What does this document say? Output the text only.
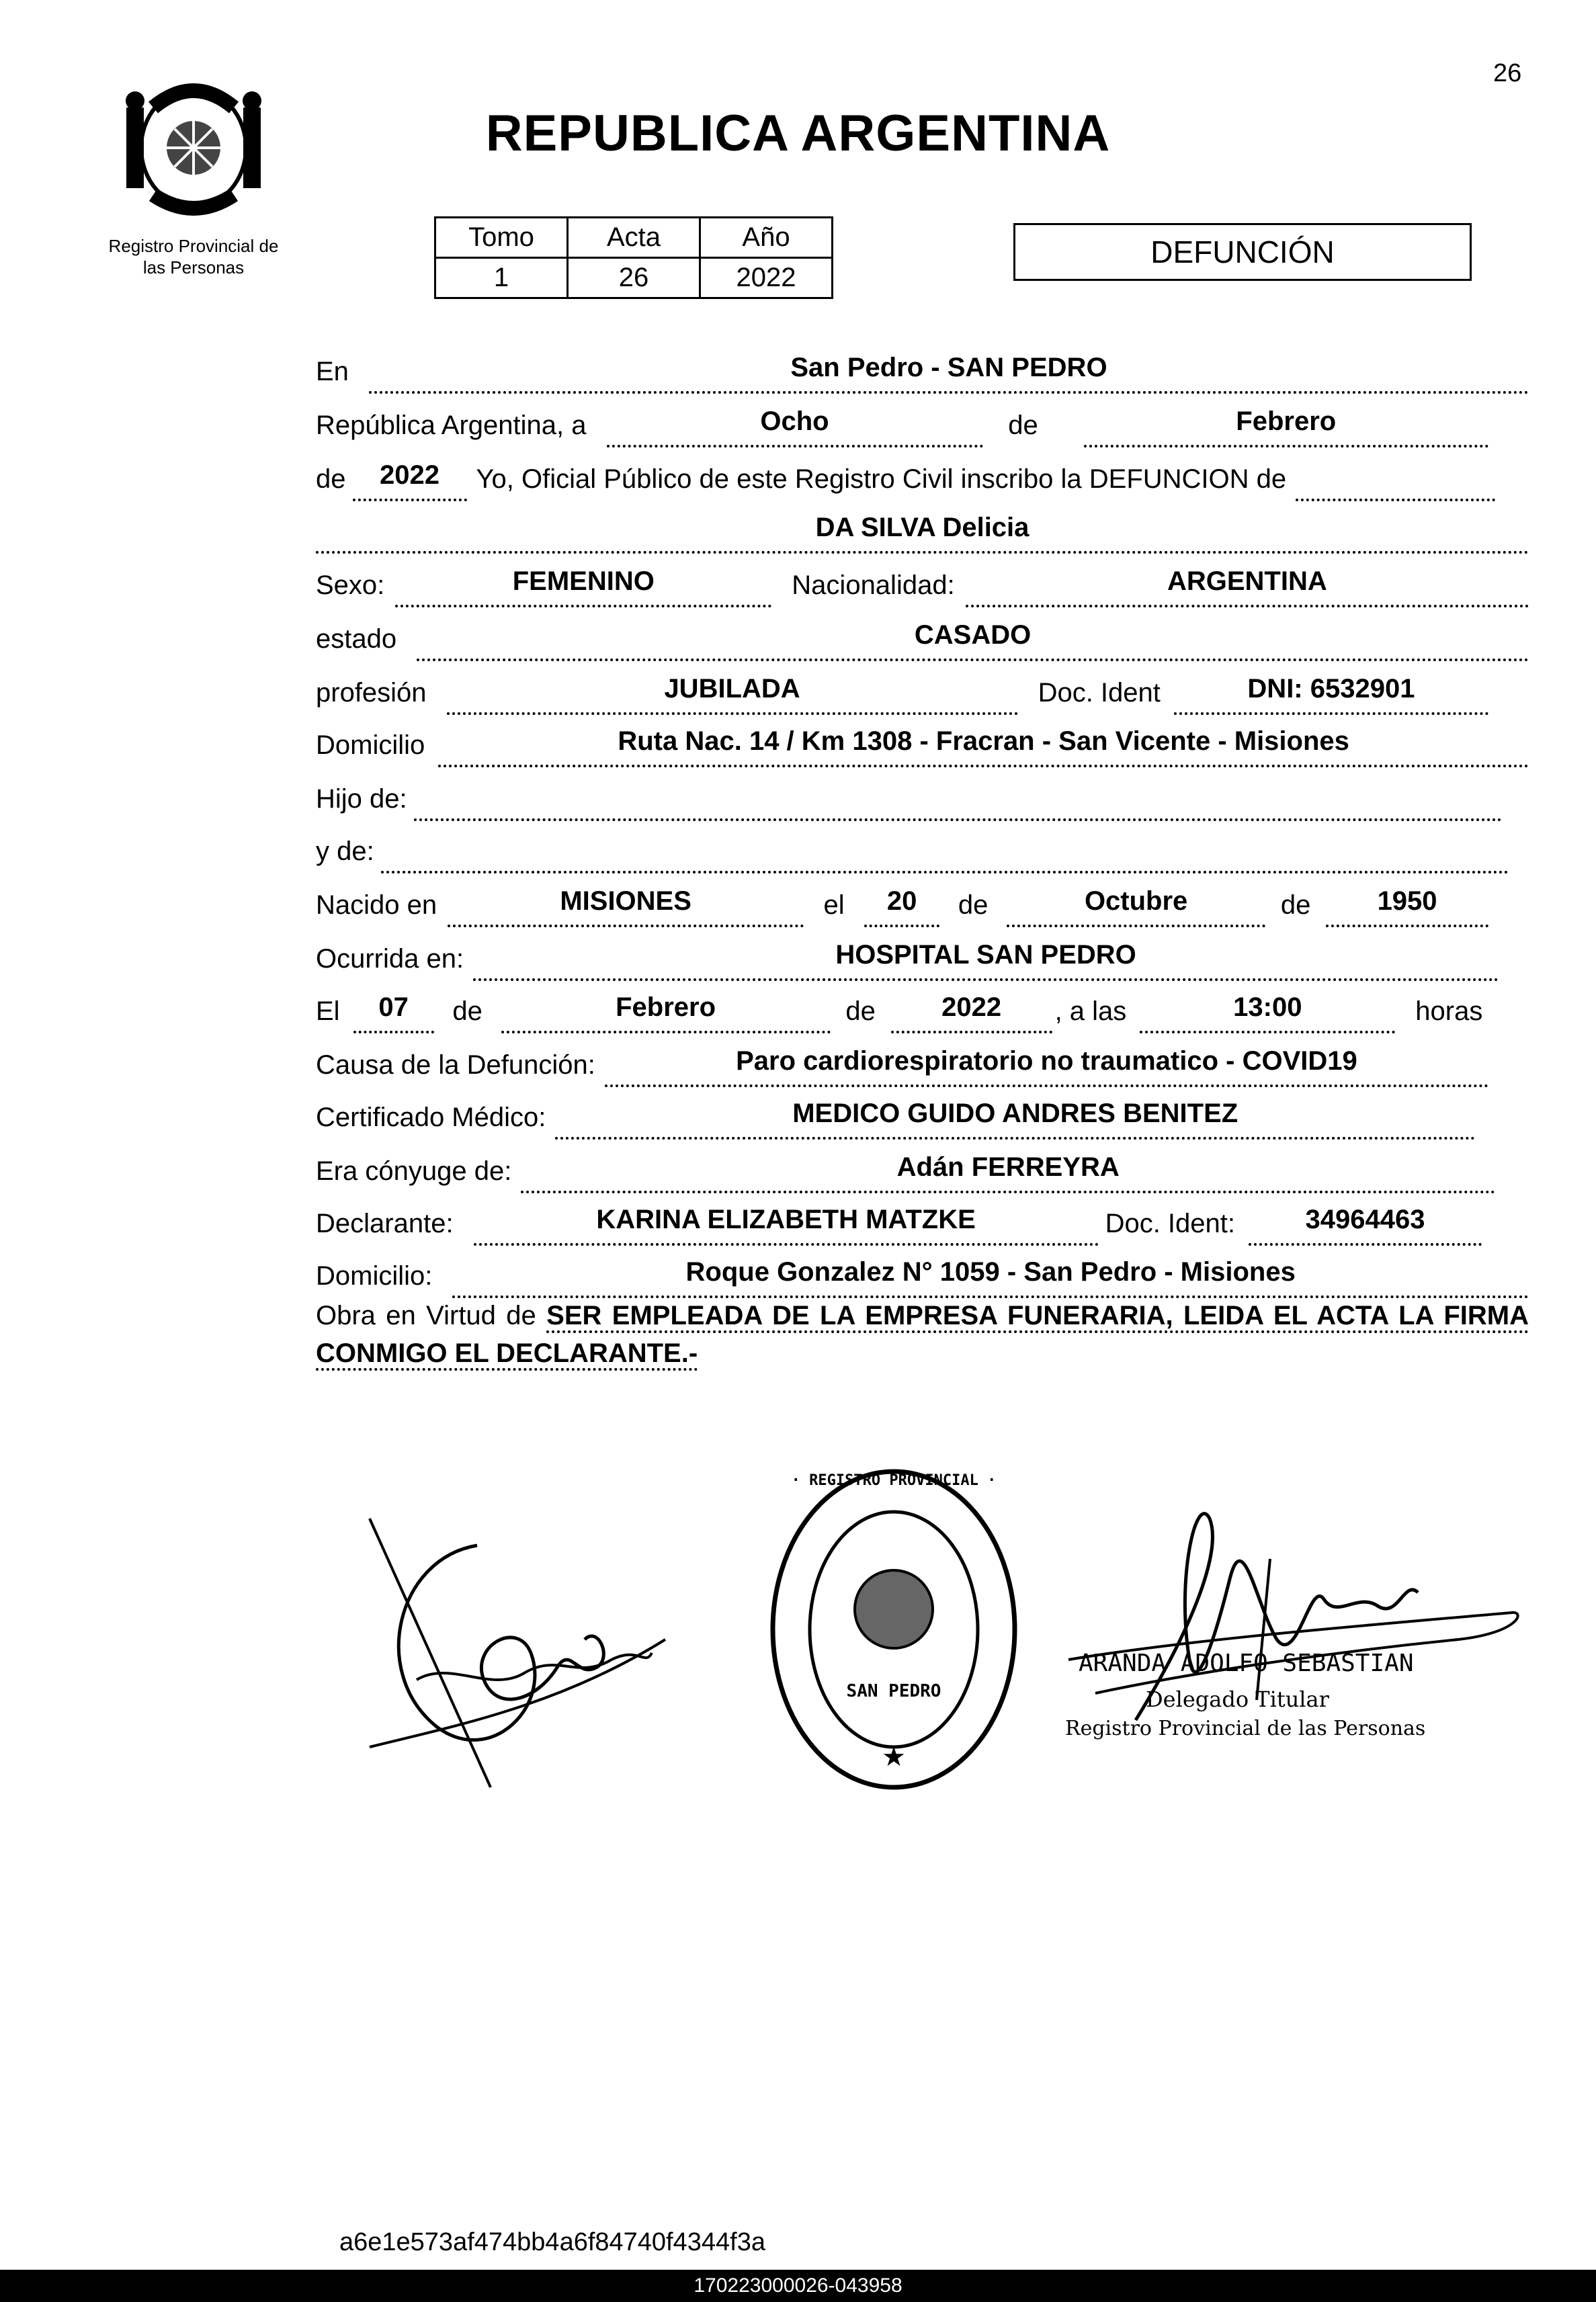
26
Registro Provincial de
las Personas
REPUBLICA ARGENTINA
Tomo	Acta	Año
1	26	2022
DEFUNCIÓN
En	San Pedro - SAN PEDRO
República Argentina, a	Ocho	de	Febrero
de	2022	Yo, Oficial Público de este Registro Civil inscribo la DEFUNCION de
DA SILVA Delicia
Sexo:	FEMENINO	Nacionalidad:	ARGENTINA
estado	CASADO
profesión	JUBILADA	Doc. Ident	DNI: 6532901
Domicilio	Ruta Nac. 14 / Km 1308 - Fracran - San Vicente - Misiones
Hijo de:
y de:
Nacido en	MISIONES	el	20	de	Octubre	de	1950
Ocurrida en:	HOSPITAL SAN PEDRO
El	07	de	Febrero	de	2022	, a las	13:00	horas
Causa de la Defunción:	Paro cardiorespiratorio no traumatico - COVID19
Certificado Médico:	MEDICO GUIDO ANDRES BENITEZ
Era cónyuge de:	Adán FERREYRA
Declarante:	KARINA ELIZABETH MATZKE	Doc. Ident:	34964463
Domicilio:	Roque Gonzalez N° 1059 - San Pedro - Misiones
Obra en Virtud de SER EMPLEADA DE LA EMPRESA FUNERARIA, LEIDA EL ACTA LA FIRMA CONMIGO EL DECLARANTE.-
· REGISTRO PROVINCIAL ·
SAN PEDRO
★
ARANDA ADOLFO SEBASTIAN
Delegado Titular
Registro Provincial de las Personas
a6e1e573af474bb4a6f84740f4344f3a
170223000026-043958
